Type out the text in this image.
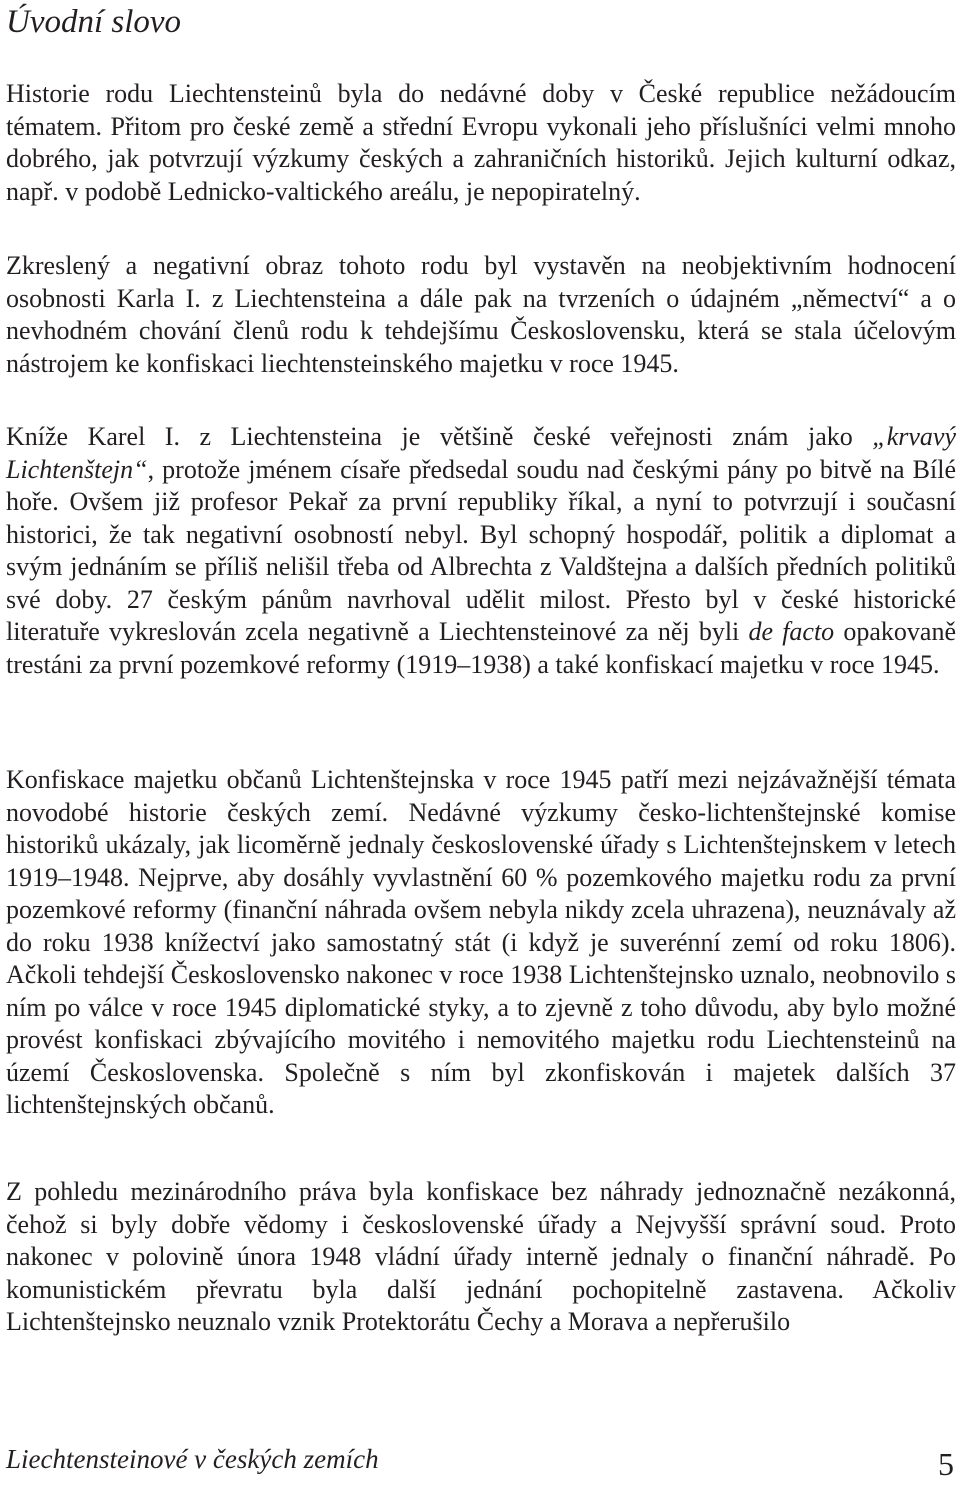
Úvodní slovo

Historie rodu Liechtensteinů byla do nedávné doby v České republice nežádoucím tématem. Přitom pro české země a střední Evropu vykonali jeho příslušníci velmi mnoho dobrého, jak potvrzují výzkumy českých a zahraničních historiků. Jejich kulturní odkaz, např. v podobě Lednicko-valtického areálu, je nepopiratelný.

Zkreslený a negativní obraz tohoto rodu byl vystavěn na neobjektivním hodnocení osobnosti Karla I. z Liechtensteina a dále pak na tvrzeních o údajném „němectví“ a o nevhodném chování členů rodu k tehdejšímu Československu, která se stala účelovým nástrojem ke konfiskaci liechtensteinského majetku v roce 1945.

Kníže Karel I. z Liechtensteina je většině české veřejnosti znám jako „krvavý Lichtenštejn“, protože jménem císaře předsedal soudu nad českými pány po bitvě na Bílé hoře. Ovšem již profesor Pekař za první republiky říkal, a nyní to potvrzují i současní historici, že tak negativní osobností nebyl. Byl schopný hospodář, politik a diplomat a svým jednáním se příliš nelišil třeba od Albrechta z Valdštejna a dalších předních politiků své doby. 27 českým pánům navrhoval udělit milost. Přesto byl v české historické literatuře vykreslován zcela negativně a Liechtensteinové za něj byli de facto opakovaně trestáni za první pozemkové reformy (1919–1938) a také konfiskací majetku v roce 1945.

Konfiskace majetku občanů Lichtenštejnska v roce 1945 patří mezi nejzávažnější témata novodobé historie českých zemí. Nedávné výzkumy česko-lichtenštejnské komise historiků ukázaly, jak licoměrně jednaly československé úřady s Lichtenštejnskem v letech 1919–1948. Nejprve, aby dosáhly vyvlastnění 60 % pozemkového majetku rodu za první pozemkové reformy (finanční náhrada ovšem nebyla nikdy zcela uhrazena), neuznávaly až do roku 1938 knížectví jako samostatný stát (i když je suverénní zemí od roku 1806). Ačkoli tehdejší Československo nakonec v roce 1938 Lichtenštejnsko uznalo, neobnovilo s ním po válce v roce 1945 diplomatické styky, a to zjevně z toho důvodu, aby bylo možné provést konfiskaci zbývajícího movitého i nemovitého majetku rodu Liechtensteinů na území Československa. Společně s ním byl zkonfiskován i majetek dalších 37 lichtenštejnských občanů.

Z pohledu mezinárodního práva byla konfiskace bez náhrady jednoznačně nezákonná, čehož si byly dobře vědomy i československé úřady a Nejvyšší správní soud. Proto nakonec v polovině února 1948 vládní úřady interně jednaly o finanční náhradě. Po komunistickém převratu byla další jednání pochopitelně zastavena. Ačkoliv Lichtenštejnsko neuznalo vznik Protektorátu Čechy a Morava a nepřerušilo

Liechtensteinové v českých zemích	5
